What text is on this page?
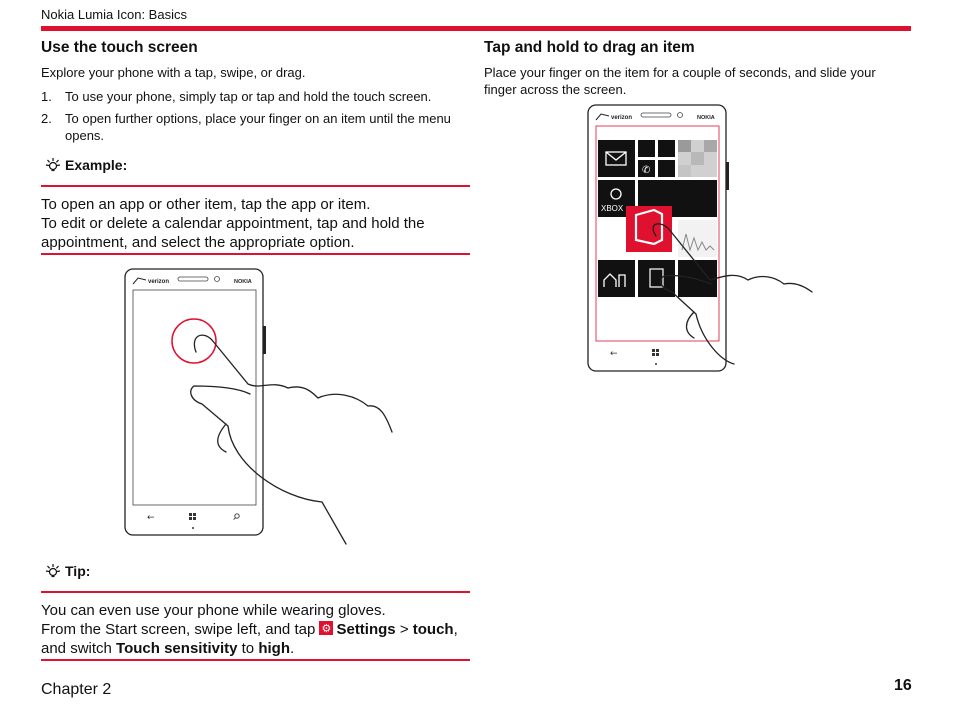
Nokia Lumia Icon: Basics
Use the touch screen
Explore your phone with a tap, swipe, or drag.
1.	To use your phone, simply tap or tap and hold the touch screen.
2.	To open further options, place your finger on an item until the menu opens.
Example:
To open an app or other item, tap the app or item.
To edit or delete a calendar appointment, tap and hold the appointment, and select the appropriate option.
verizon	NOKIA
←
Tip:
You can even use your phone while wearing gloves.
From the Start screen, swipe left, and tap ⚙Settings > touch, and switch Touch sensitivity to high.
Tap and hold to drag an item
Place your finger on the item for a couple of seconds, and slide your finger across the screen.
verizon	NOKIA
✆
XBOX
←
Chapter 2	16
